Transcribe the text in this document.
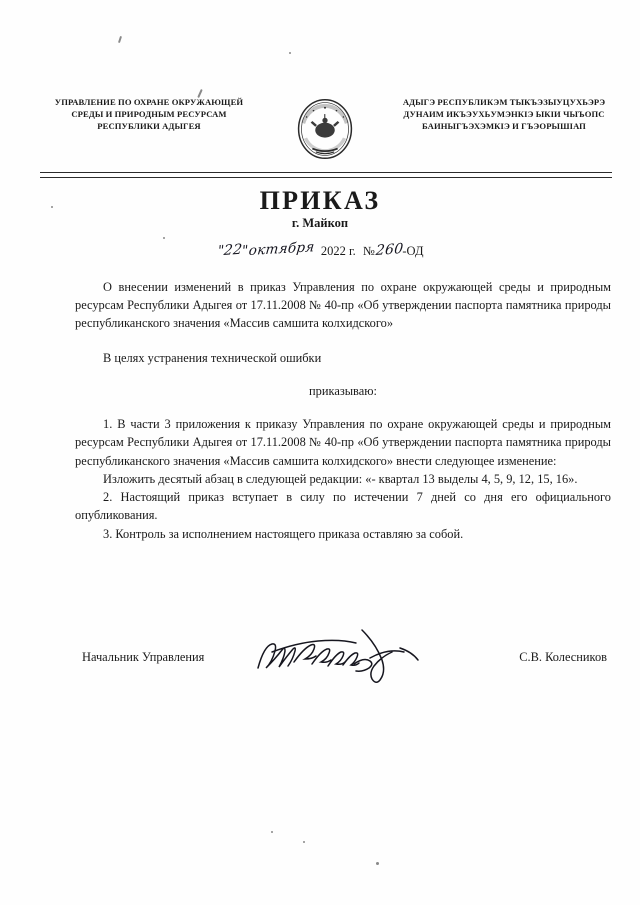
УПРАВЛЕНИЕ ПО ОХРАНЕ ОКРУЖАЮЩЕЙ СРЕДЫ И ПРИРОДНЫМ РЕСУРСАМ РЕСПУБЛИКИ АДЫГЕЯ
АДЫГЭ РЕСПУБЛИКЭМ ТЫКЪЭЗЫУЦУХЬЭРЭ ДУНАИМ ИКЪЭУХЬУМЭНКIЭ ЫКIИ ЧЫЪОПС БАИНЫГЪЭХЭМКIЭ И ГЪЭОРЫШIАП
ПРИКАЗ
г. Майкоп
"22"октября 2022 г. №260-ОД

О внесении изменений в приказ Управления по охране окружающей среды и природным ресурсам Республики Адыгея от 17.11.2008 № 40-пр «Об утверждении паспорта памятника природы республиканского значения «Массив самшита колхидского»

В целях устранения технической ошибки

приказываю:

1. В части 3 приложения к приказу Управления по охране окружающей среды и природным ресурсам Республики Адыгея от 17.11.2008 № 40-пр «Об утверждении паспорта памятника природы республиканского значения «Массив самшита колхидского» внести следующее изменение:

Изложить десятый абзац в следующей редакции: «- квартал 13 выделы 4, 5, 9, 12, 15, 16».

2. Настоящий приказ вступает в силу по истечении 7 дней со дня его официального опубликования.

3. Контроль за исполнением настоящего приказа оставляю за собой.

Начальник Управления	С.В. Колесников
